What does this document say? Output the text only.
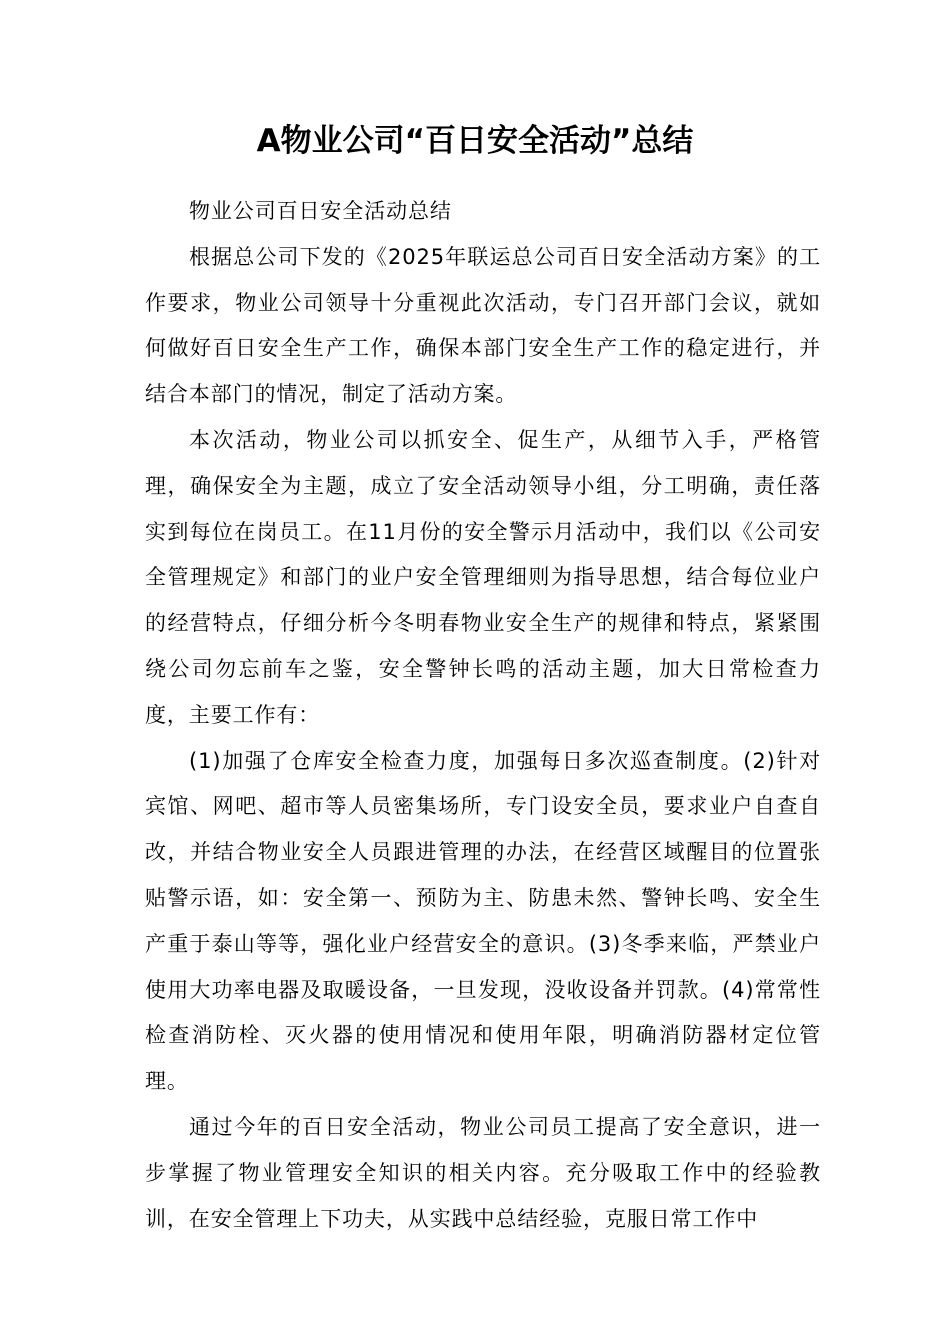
A物业公司“百日安全活动”总结

物业公司百日安全活动总结

根据总公司下发的《2025年联运总公司百日安全活动方案》的工作要求，物业公司领导十分重视此次活动，专门召开部门会议，就如何做好百日安全生产工作，确保本部门安全生产工作的稳定进行，并结合本部门的情况，制定了活动方案。

本次活动，物业公司以抓安全、促生产，从细节入手，严格管理，确保安全为主题，成立了安全活动领导小组，分工明确，责任落实到每位在岗员工。在11月份的安全警示月活动中，我们以《公司安全管理规定》和部门的业户安全管理细则为指导思想，结合每位业户的经营特点，仔细分析今冬明春物业安全生产的规律和特点，紧紧围绕公司勿忘前车之鉴，安全警钟长鸣的活动主题，加大日常检查力度，主要工作有：

(1)加强了仓库安全检查力度，加强每日多次巡查制度。(2)针对宾馆、网吧、超市等人员密集场所，专门设安全员，要求业户自查自改，并结合物业安全人员跟进管理的办法，在经营区域醒目的位置张贴警示语，如：安全第一、预防为主、防患未然、警钟长鸣、安全生产重于泰山等等，强化业户经营安全的意识。(3)冬季来临，严禁业户使用大功率电器及取暖设备，一旦发现，没收设备并罚款。(4)常常性检查消防栓、灭火器的使用情况和使用年限，明确消防器材定位管理。

通过今年的百日安全活动，物业公司员工提高了安全意识，进一步掌握了物业管理安全知识的相关内容。充分吸取工作中的经验教训，在安全管理上下功夫，从实践中总结经验，克服日常工作中
